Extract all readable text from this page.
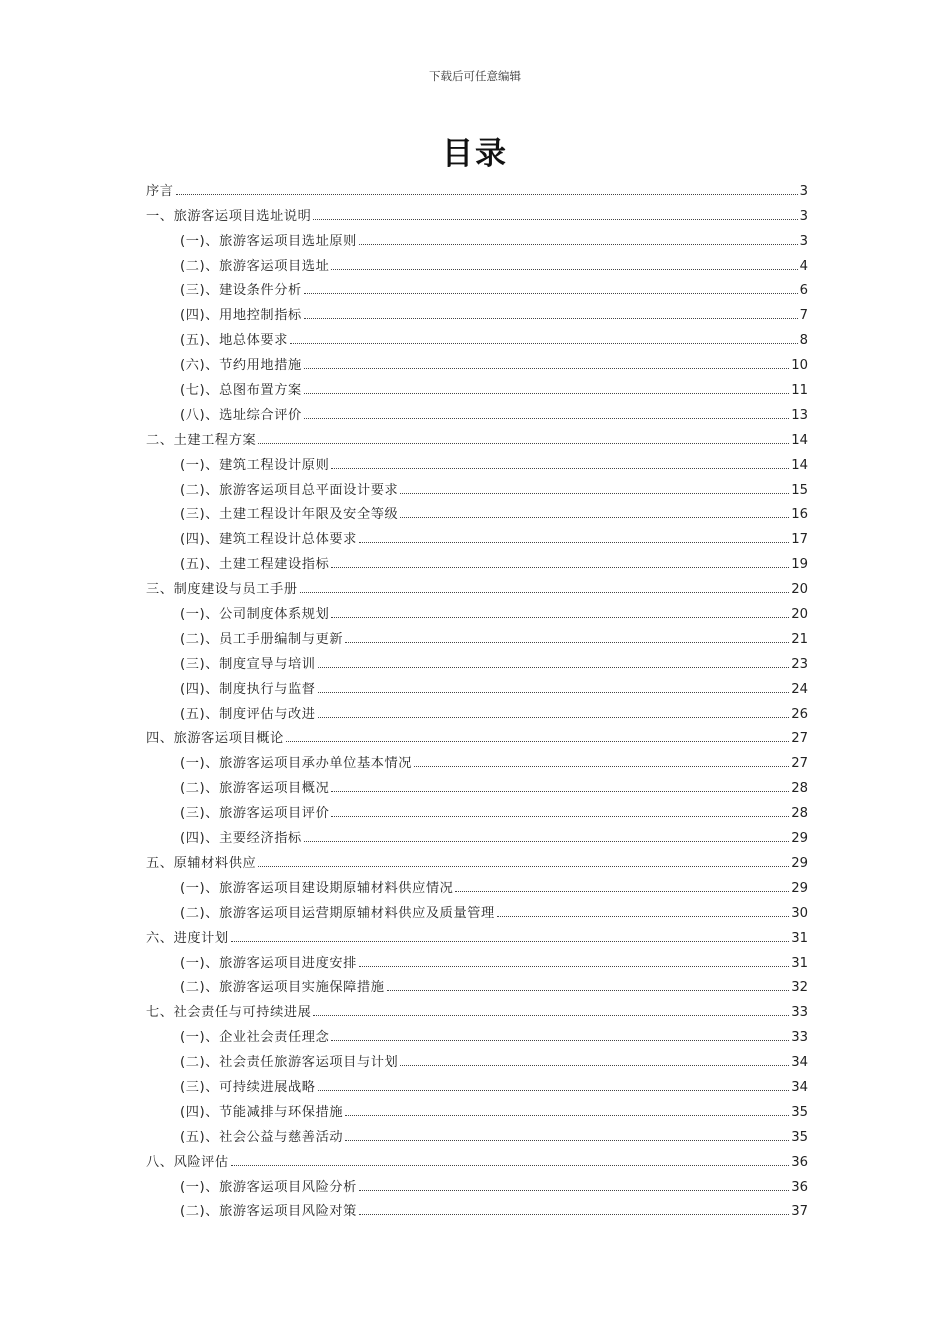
下载后可任意编辑
目录
序言	3
一、旅游客运项目选址说明	3
(一)、旅游客运项目选址原则	3
(二)、旅游客运项目选址	4
(三)、建设条件分析	6
(四)、用地控制指标	7
(五)、地总体要求	8
(六)、节约用地措施	10
(七)、总图布置方案	11
(八)、选址综合评价	13
二、土建工程方案	14
(一)、建筑工程设计原则	14
(二)、旅游客运项目总平面设计要求	15
(三)、土建工程设计年限及安全等级	16
(四)、建筑工程设计总体要求	17
(五)、土建工程建设指标	19
三、制度建设与员工手册	20
(一)、公司制度体系规划	20
(二)、员工手册编制与更新	21
(三)、制度宣导与培训	23
(四)、制度执行与监督	24
(五)、制度评估与改进	26
四、旅游客运项目概论	27
(一)、旅游客运项目承办单位基本情况	27
(二)、旅游客运项目概况	28
(三)、旅游客运项目评价	28
(四)、主要经济指标	29
五、原辅材料供应	29
(一)、旅游客运项目建设期原辅材料供应情况	29
(二)、旅游客运项目运营期原辅材料供应及质量管理	30
六、进度计划	31
(一)、旅游客运项目进度安排	31
(二)、旅游客运项目实施保障措施	32
七、社会责任与可持续进展	33
(一)、企业社会责任理念	33
(二)、社会责任旅游客运项目与计划	34
(三)、可持续进展战略	34
(四)、节能减排与环保措施	35
(五)、社会公益与慈善活动	35
八、风险评估	36
(一)、旅游客运项目风险分析	36
(二)、旅游客运项目风险对策	37
